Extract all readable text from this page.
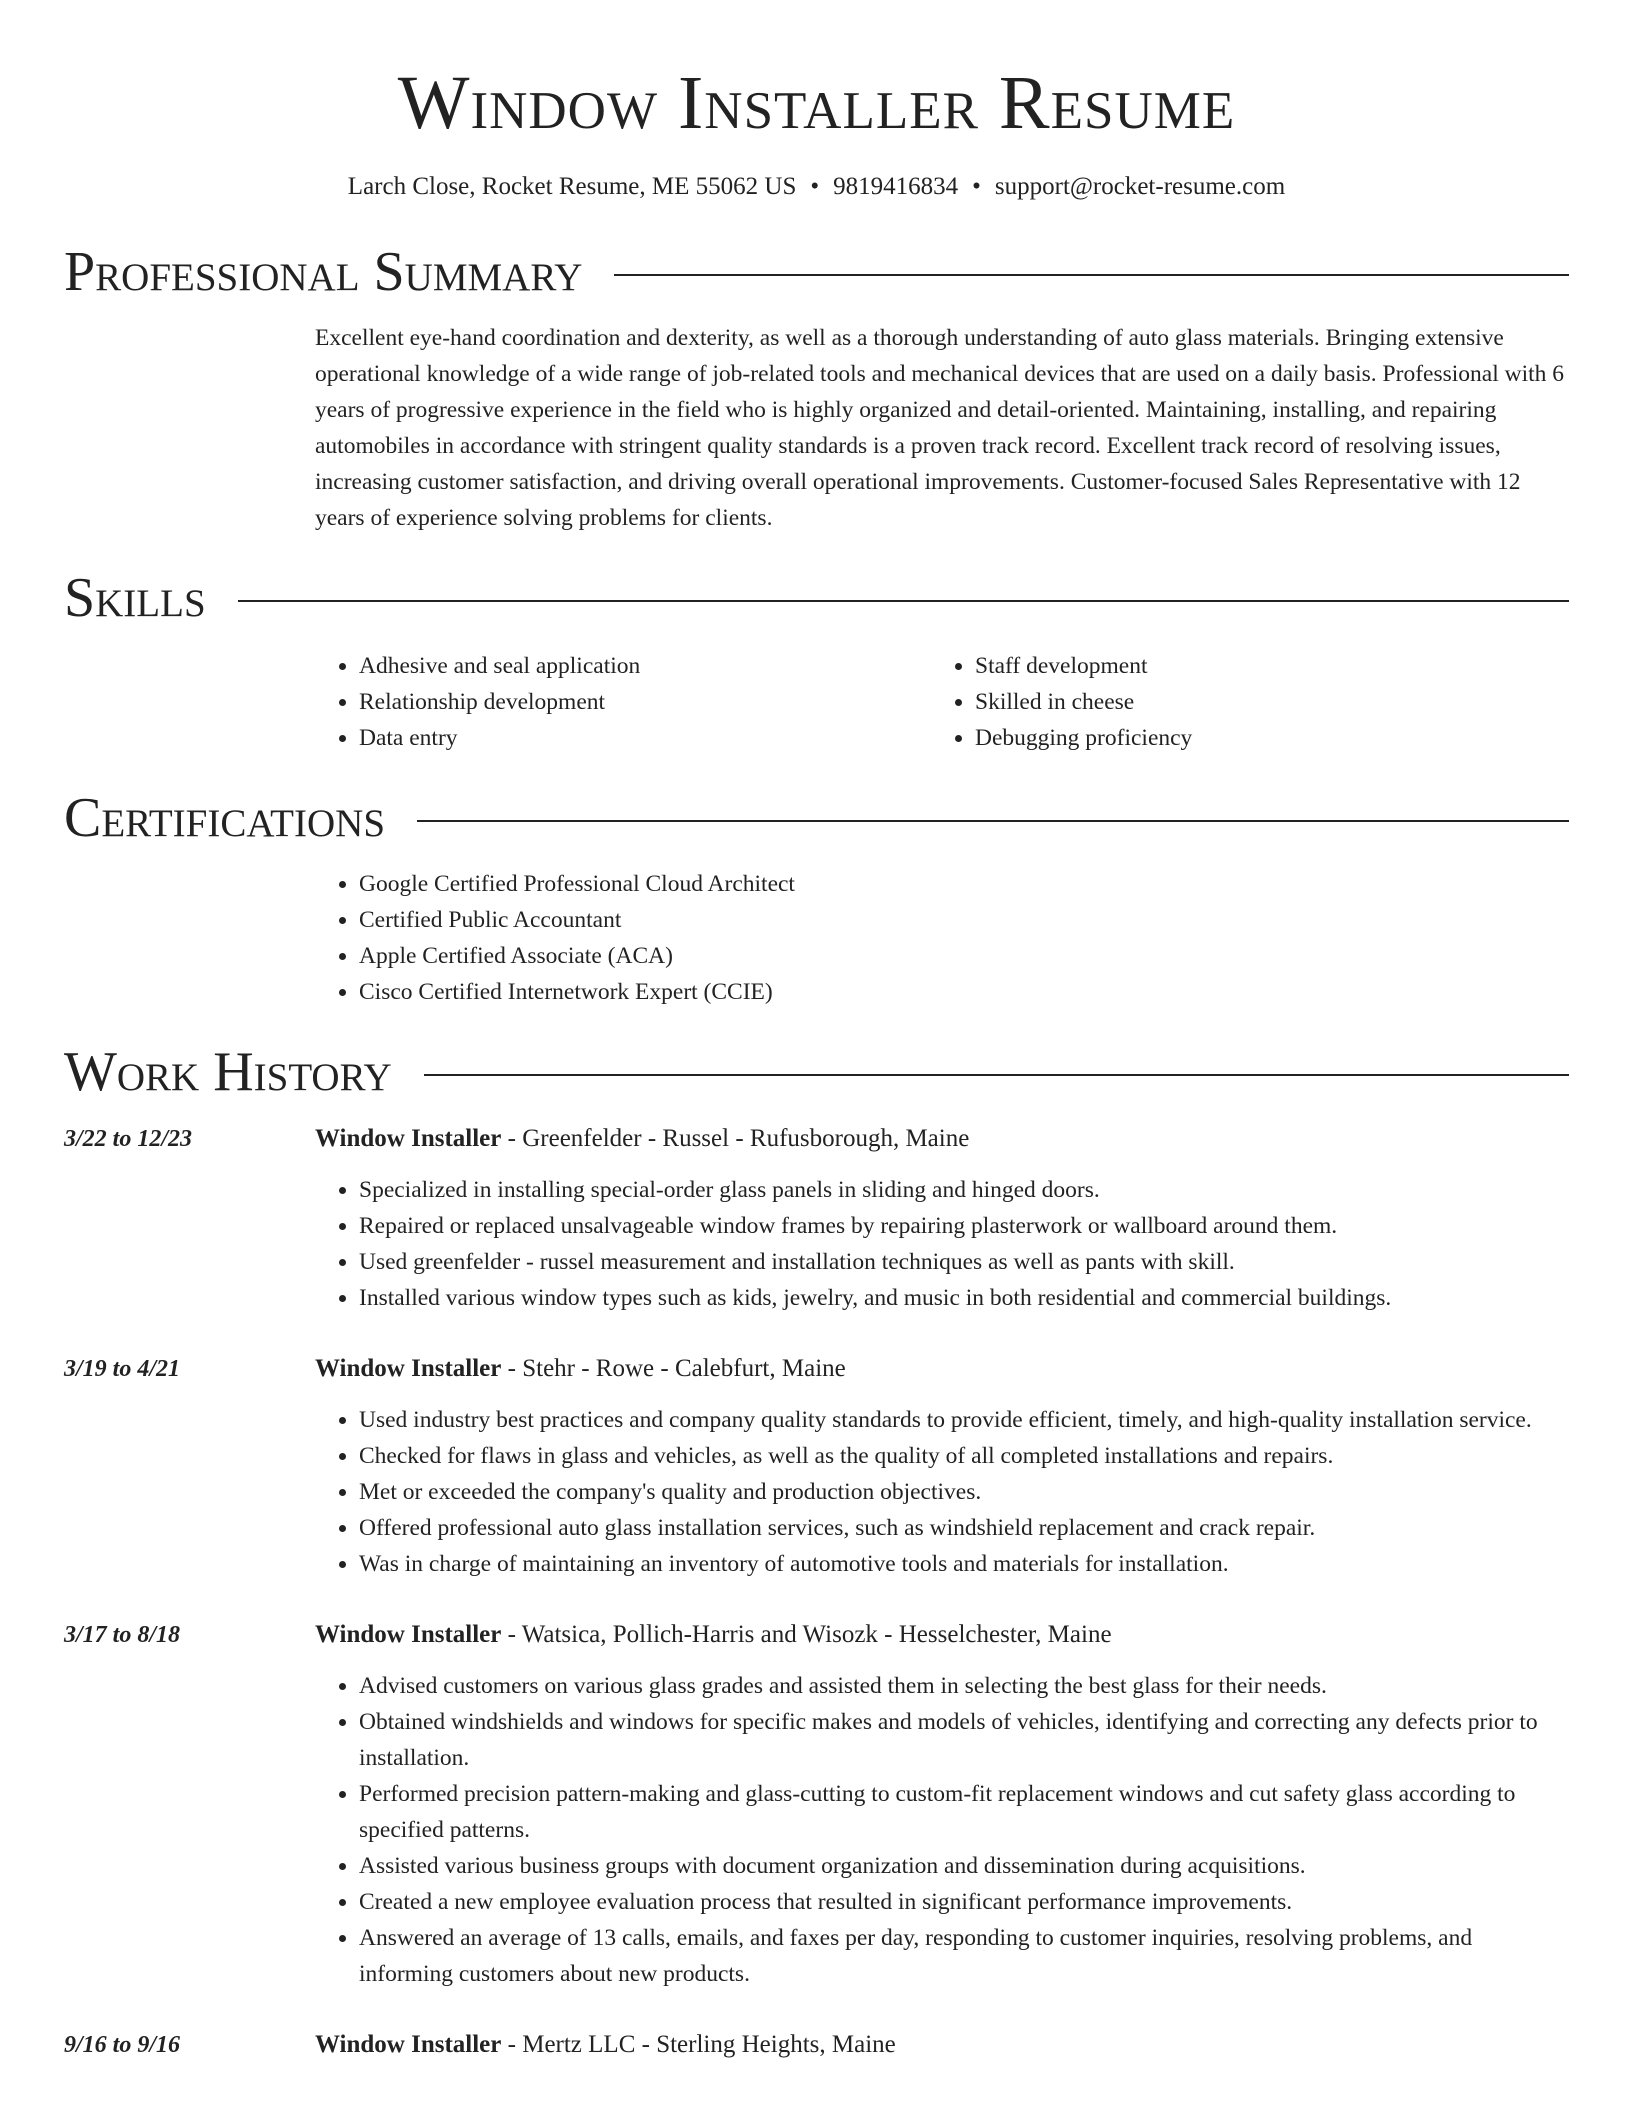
Window Installer Resume
Larch Close, Rocket Resume, ME 55062 US • 9819416834 • support@rocket-resume.com
Professional Summary
Excellent eye-hand coordination and dexterity, as well as a thorough understanding of auto glass materials. Bringing extensive operational knowledge of a wide range of job-related tools and mechanical devices that are used on a daily basis. Professional with 6 years of progressive experience in the field who is highly organized and detail-oriented. Maintaining, installing, and repairing automobiles in accordance with stringent quality standards is a proven track record. Excellent track record of resolving issues, increasing customer satisfaction, and driving overall operational improvements. Customer-focused Sales Representative with 12 years of experience solving problems for clients.
Skills
• Adhesive and seal application
• Relationship development
• Data entry
• Staff development
• Skilled in cheese
• Debugging proficiency
Certifications
• Google Certified Professional Cloud Architect
• Certified Public Accountant
• Apple Certified Associate (ACA)
• Cisco Certified Internetwork Expert (CCIE)
Work History
3/22 to 12/23	Window Installer - Greenfelder - Russel - Rufusborough, Maine
• Specialized in installing special-order glass panels in sliding and hinged doors.
• Repaired or replaced unsalvageable window frames by repairing plasterwork or wallboard around them.
• Used greenfelder - russel measurement and installation techniques as well as pants with skill.
• Installed various window types such as kids, jewelry, and music in both residential and commercial buildings.
3/19 to 4/21	Window Installer - Stehr - Rowe - Calebfurt, Maine
• Used industry best practices and company quality standards to provide efficient, timely, and high-quality installation service.
• Checked for flaws in glass and vehicles, as well as the quality of all completed installations and repairs.
• Met or exceeded the company's quality and production objectives.
• Offered professional auto glass installation services, such as windshield replacement and crack repair.
• Was in charge of maintaining an inventory of automotive tools and materials for installation.
3/17 to 8/18	Window Installer - Watsica, Pollich-Harris and Wisozk - Hesselchester, Maine
• Advised customers on various glass grades and assisted them in selecting the best glass for their needs.
• Obtained windshields and windows for specific makes and models of vehicles, identifying and correcting any defects prior to installation.
• Performed precision pattern-making and glass-cutting to custom-fit replacement windows and cut safety glass according to specified patterns.
• Assisted various business groups with document organization and dissemination during acquisitions.
• Created a new employee evaluation process that resulted in significant performance improvements.
• Answered an average of 13 calls, emails, and faxes per day, responding to customer inquiries, resolving problems, and informing customers about new products.
9/16 to 9/16	Window Installer - Mertz LLC - Sterling Heights, Maine
